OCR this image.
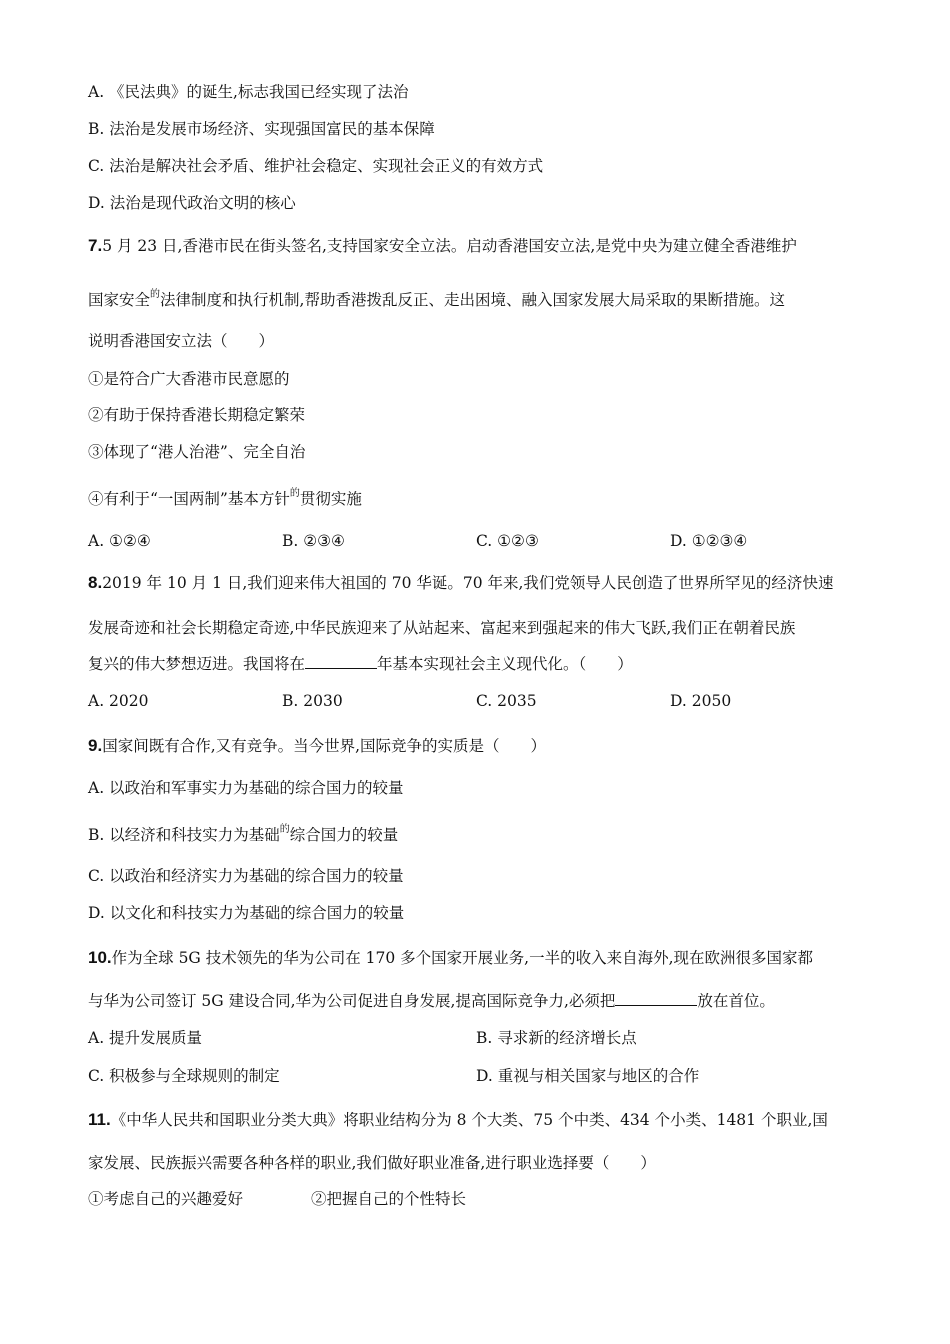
A. 《民法典》的诞生,标志我国已经实现了法治
B. 法治是发展市场经济、实现强国富民的基本保障
C. 法治是解决社会矛盾、维护社会稳定、实现社会正义的有效方式
D. 法治是现代政治文明的核心
7.5 月 23 日,香港市民在街头签名,支持国家安全立法。启动香港国安立法,是党中央为建立健全香港维护
国家安全$^的$法律制度和执行机制,帮助香港拨乱反正、走出困境、融入国家发展大局采取的果断措施。这
说明香港国安立法（　　）
①是符合广大香港市民意愿的
②有助于保持香港长期稳定繁荣
③体现了“港人治港”、完全自治
④有利于“一国两制”基本方针$^的$贯彻实施
A. ①②④	B. ②③④	C. ①②③	D. ①②③④
8.2019 年 10 月 1 日,我们迎来伟大祖国的 70 华诞。70 年来,我们党领导人民创造了世界所罕见的经济快速
发展奇迹和社会长期稳定奇迹,中华民族迎来了从站起来、富起来到强起来的伟大飞跃,我们正在朝着民族
复兴的伟大梦想迈进。我国将在	年基本实现社会主义现代化。（　　）
A. 2020	B. 2030	C. 2035	D. 2050
9.国家间既有合作,又有竞争。当今世界,国际竞争的实质是（　　）
A. 以政治和军事实力为基础的综合国力的较量
B. 以经济和科技实力为基础$^的$综合国力的较量
C. 以政治和经济实力为基础的综合国力的较量
D. 以文化和科技实力为基础的综合国力的较量
10.作为全球 5G 技术领先的华为公司在 170 多个国家开展业务,一半的收入来自海外,现在欧洲很多国家都
与华为公司签订 5G 建设合同,华为公司促进自身发展,提高国际竞争力,必须把	放在首位。
A. 提升发展质量	B. 寻求新的经济增长点
C. 积极参与全球规则的制定	D. 重视与相关国家与地区的合作
11.《中华人民共和国职业分类大典》将职业结构分为 8 个大类、75 个中类、434 个小类、1481 个职业,国
家发展、民族振兴需要各种各样的职业,我们做好职业准备,进行职业选择要（　　）
①考虑自己的兴趣爱好	②把握自己的个性特长
